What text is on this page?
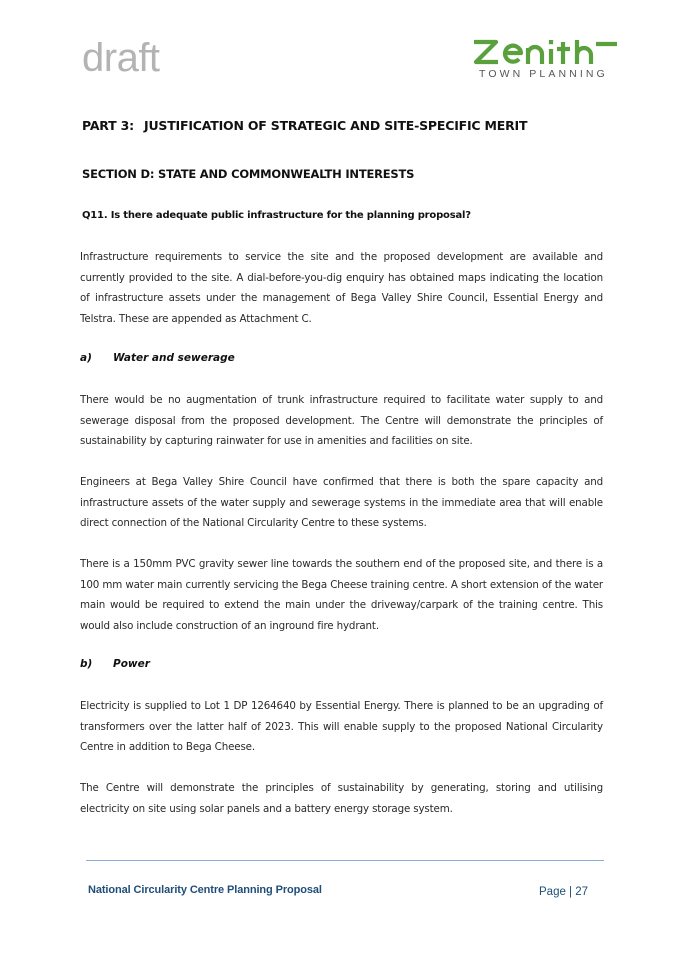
draft	TOWN PLANNING
PART 3: JUSTIFICATION OF STRATEGIC AND SITE-SPECIFIC MERIT
SECTION D: STATE AND COMMONWEALTH INTERESTS
Q11. Is there adequate public infrastructure for the planning proposal?

Infrastructure requirements to service the site and the proposed development are available and currently provided to the site. A dial-before-you-dig enquiry has obtained maps indicating the location of infrastructure assets under the management of Bega Valley Shire Council, Essential Energy and Telstra. These are appended as Attachment C.

a) Water and sewerage

There would be no augmentation of trunk infrastructure required to facilitate water supply to and sewerage disposal from the proposed development. The Centre will demonstrate the principles of sustainability by capturing rainwater for use in amenities and facilities on site.

Engineers at Bega Valley Shire Council have confirmed that there is both the spare capacity and infrastructure assets of the water supply and sewerage systems in the immediate area that will enable direct connection of the National Circularity Centre to these systems.

There is a 150mm PVC gravity sewer line towards the southern end of the proposed site, and there is a 100 mm water main currently servicing the Bega Cheese training centre. A short extension of the water main would be required to extend the main under the driveway/carpark of the training centre. This would also include construction of an inground fire hydrant.

b) Power

Electricity is supplied to Lot 1 DP 1264640 by Essential Energy. There is planned to be an upgrading of transformers over the latter half of 2023. This will enable supply to the proposed National Circularity Centre in addition to Bega Cheese.

The Centre will demonstrate the principles of sustainability by generating, storing and utilising electricity on site using solar panels and a battery energy storage system.

National Circularity Centre Planning Proposal	Page | 27
